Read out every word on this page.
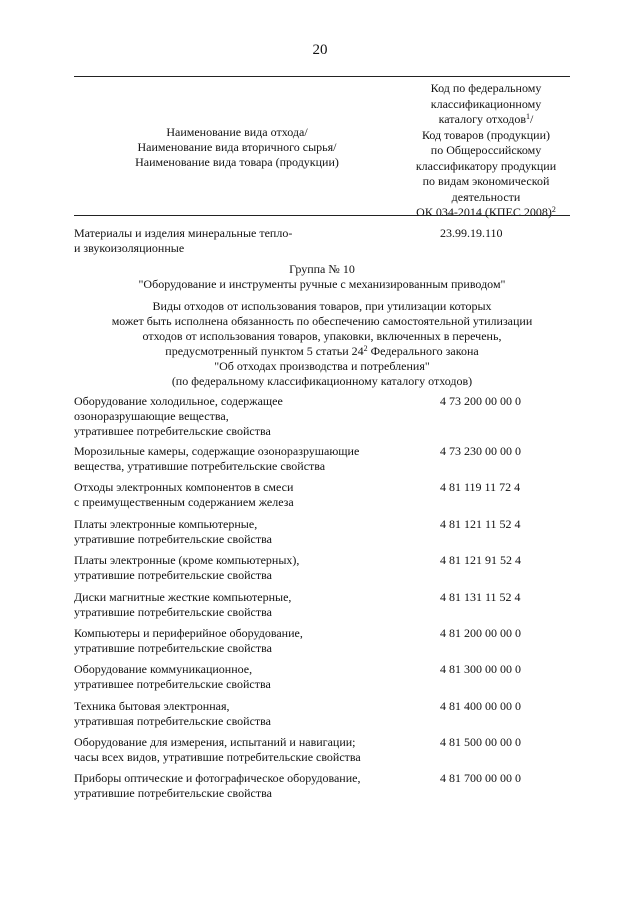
20
Наименование вида отхода/
Наименование вида вторичного сырья/
Наименование вида товара (продукции)
Код по федеральному
классификационному
каталогу отходов$^1$/
Код товаров (продукции)
по Общероссийскому
классификатору продукции
по видам экономической
деятельности
ОК 034-2014 (КПЕС 2008)$^2$
Материалы и изделия минеральные тепло-
и звукоизоляционные
23.99.19.110
Группа № 10
"Оборудование и инструменты ручные с механизированным приводом"
Виды отходов от использования товаров, при утилизации которых
может быть исполнена обязанность по обеспечению самостоятельной утилизации
отходов от использования товаров, упаковки, включенных в перечень,
предусмотренный пунктом 5 статьи $24^2$ Федерального закона
"Об отходах производства и потребления"
(по федеральному классификационному каталогу отходов)
Оборудование холодильное, содержащее
озоноразрушающие вещества,
утратившее потребительские свойства
4 73 200 00 00 0
Морозильные камеры, содержащие озоноразрушающие
вещества, утратившие потребительские свойства
4 73 230 00 00 0
Отходы электронных компонентов в смеси
с преимущественным содержанием железа
4 81 119 11 72 4
Платы электронные компьютерные,
утратившие потребительские свойства
4 81 121 11 52 4
Платы электронные (кроме компьютерных),
утратившие потребительские свойства
4 81 121 91 52 4
Диски магнитные жесткие компьютерные,
утратившие потребительские свойства
4 81 131 11 52 4
Компьютеры и периферийное оборудование,
утратившие потребительские свойства
4 81 200 00 00 0
Оборудование коммуникационное,
утратившее потребительские свойства
4 81 300 00 00 0
Техника бытовая электронная,
утратившая потребительские свойства
4 81 400 00 00 0
Оборудование для измерения, испытаний и навигации;
часы всех видов, утратившие потребительские свойства
4 81 500 00 00 0
Приборы оптические и фотографическое оборудование,
утратившие потребительские свойства
4 81 700 00 00 0
